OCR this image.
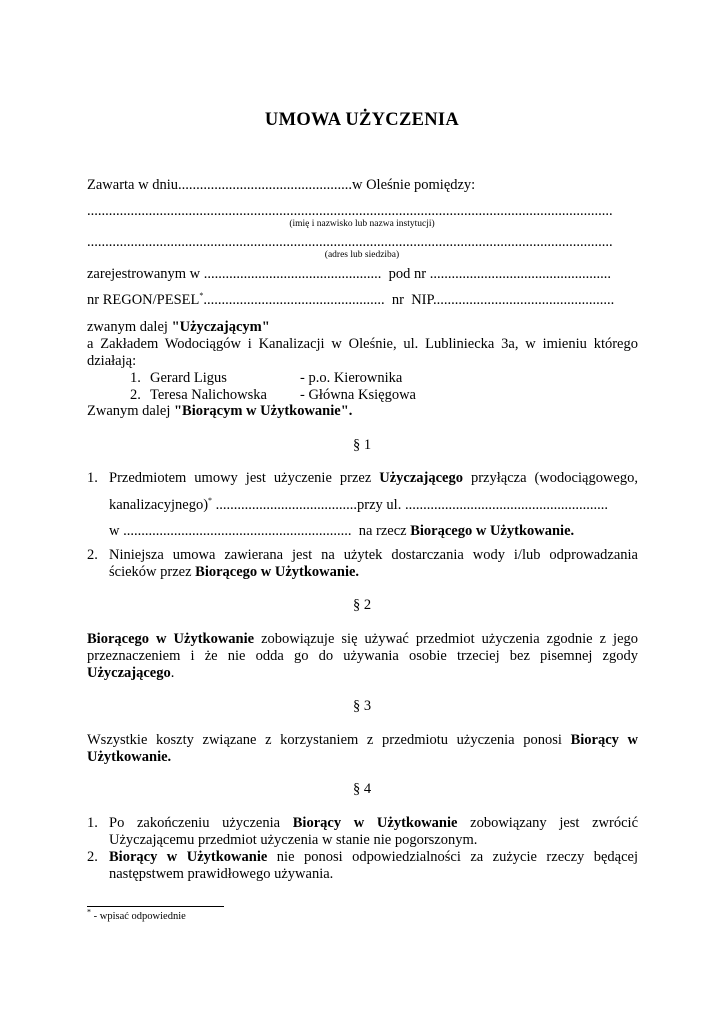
UMOWA UŻYCZENIA
Zawarta w dniu................................................w Oleśnie pomiędzy:
.................................................................................................................................................
(imię i nazwisko lub nazwa instytucji)
.................................................................................................................................................
(adres lub siedziba)
zarejestrowanym w .................................................  pod nr ..................................................
nr REGON/PESEL*..................................................  nr  NIP..................................................
zwanym dalej "Użyczającym"
a Zakładem Wodociągów i Kanalizacji w Oleśnie, ul. Lubliniecka 3a, w imieniu którego działają:
1. Gerard Ligus	- p.o. Kierownika
2. Teresa Nalichowska - Główna Księgowa
Zwanym dalej "Biorącym w Użytkowanie".
§ 1
1. Przedmiotem umowy jest użyczenie przez Użyczającego przyłącza (wodociągowego,
kanalizacyjnego)* .......................................przy ul. ........................................................
w ...............................................................  na rzecz Biorącego w Użytkowanie.
2. Niniejsza umowa zawierana jest na użytek dostarczania wody i/lub odprowadzania ścieków przez Biorącego w Użytkowanie.
§ 2
Biorącego w Użytkowanie zobowiązuje się używać przedmiot użyczenia zgodnie z jego przeznaczeniem i że nie odda go do używania osobie trzeciej bez pisemnej zgody Użyczającego.
§ 3
Wszystkie koszty związane z korzystaniem z przedmiotu użyczenia ponosi Biorący w Użytkowanie.
§ 4
1. Po zakończeniu użyczenia Biorący w Użytkowanie zobowiązany jest zwrócić Użyczającemu przedmiot użyczenia w stanie nie pogorszonym.
2. Biorący w Użytkowanie nie ponosi odpowiedzialności za zużycie rzeczy będącej następstwem prawidłowego używania.
* - wpisać odpowiednie
